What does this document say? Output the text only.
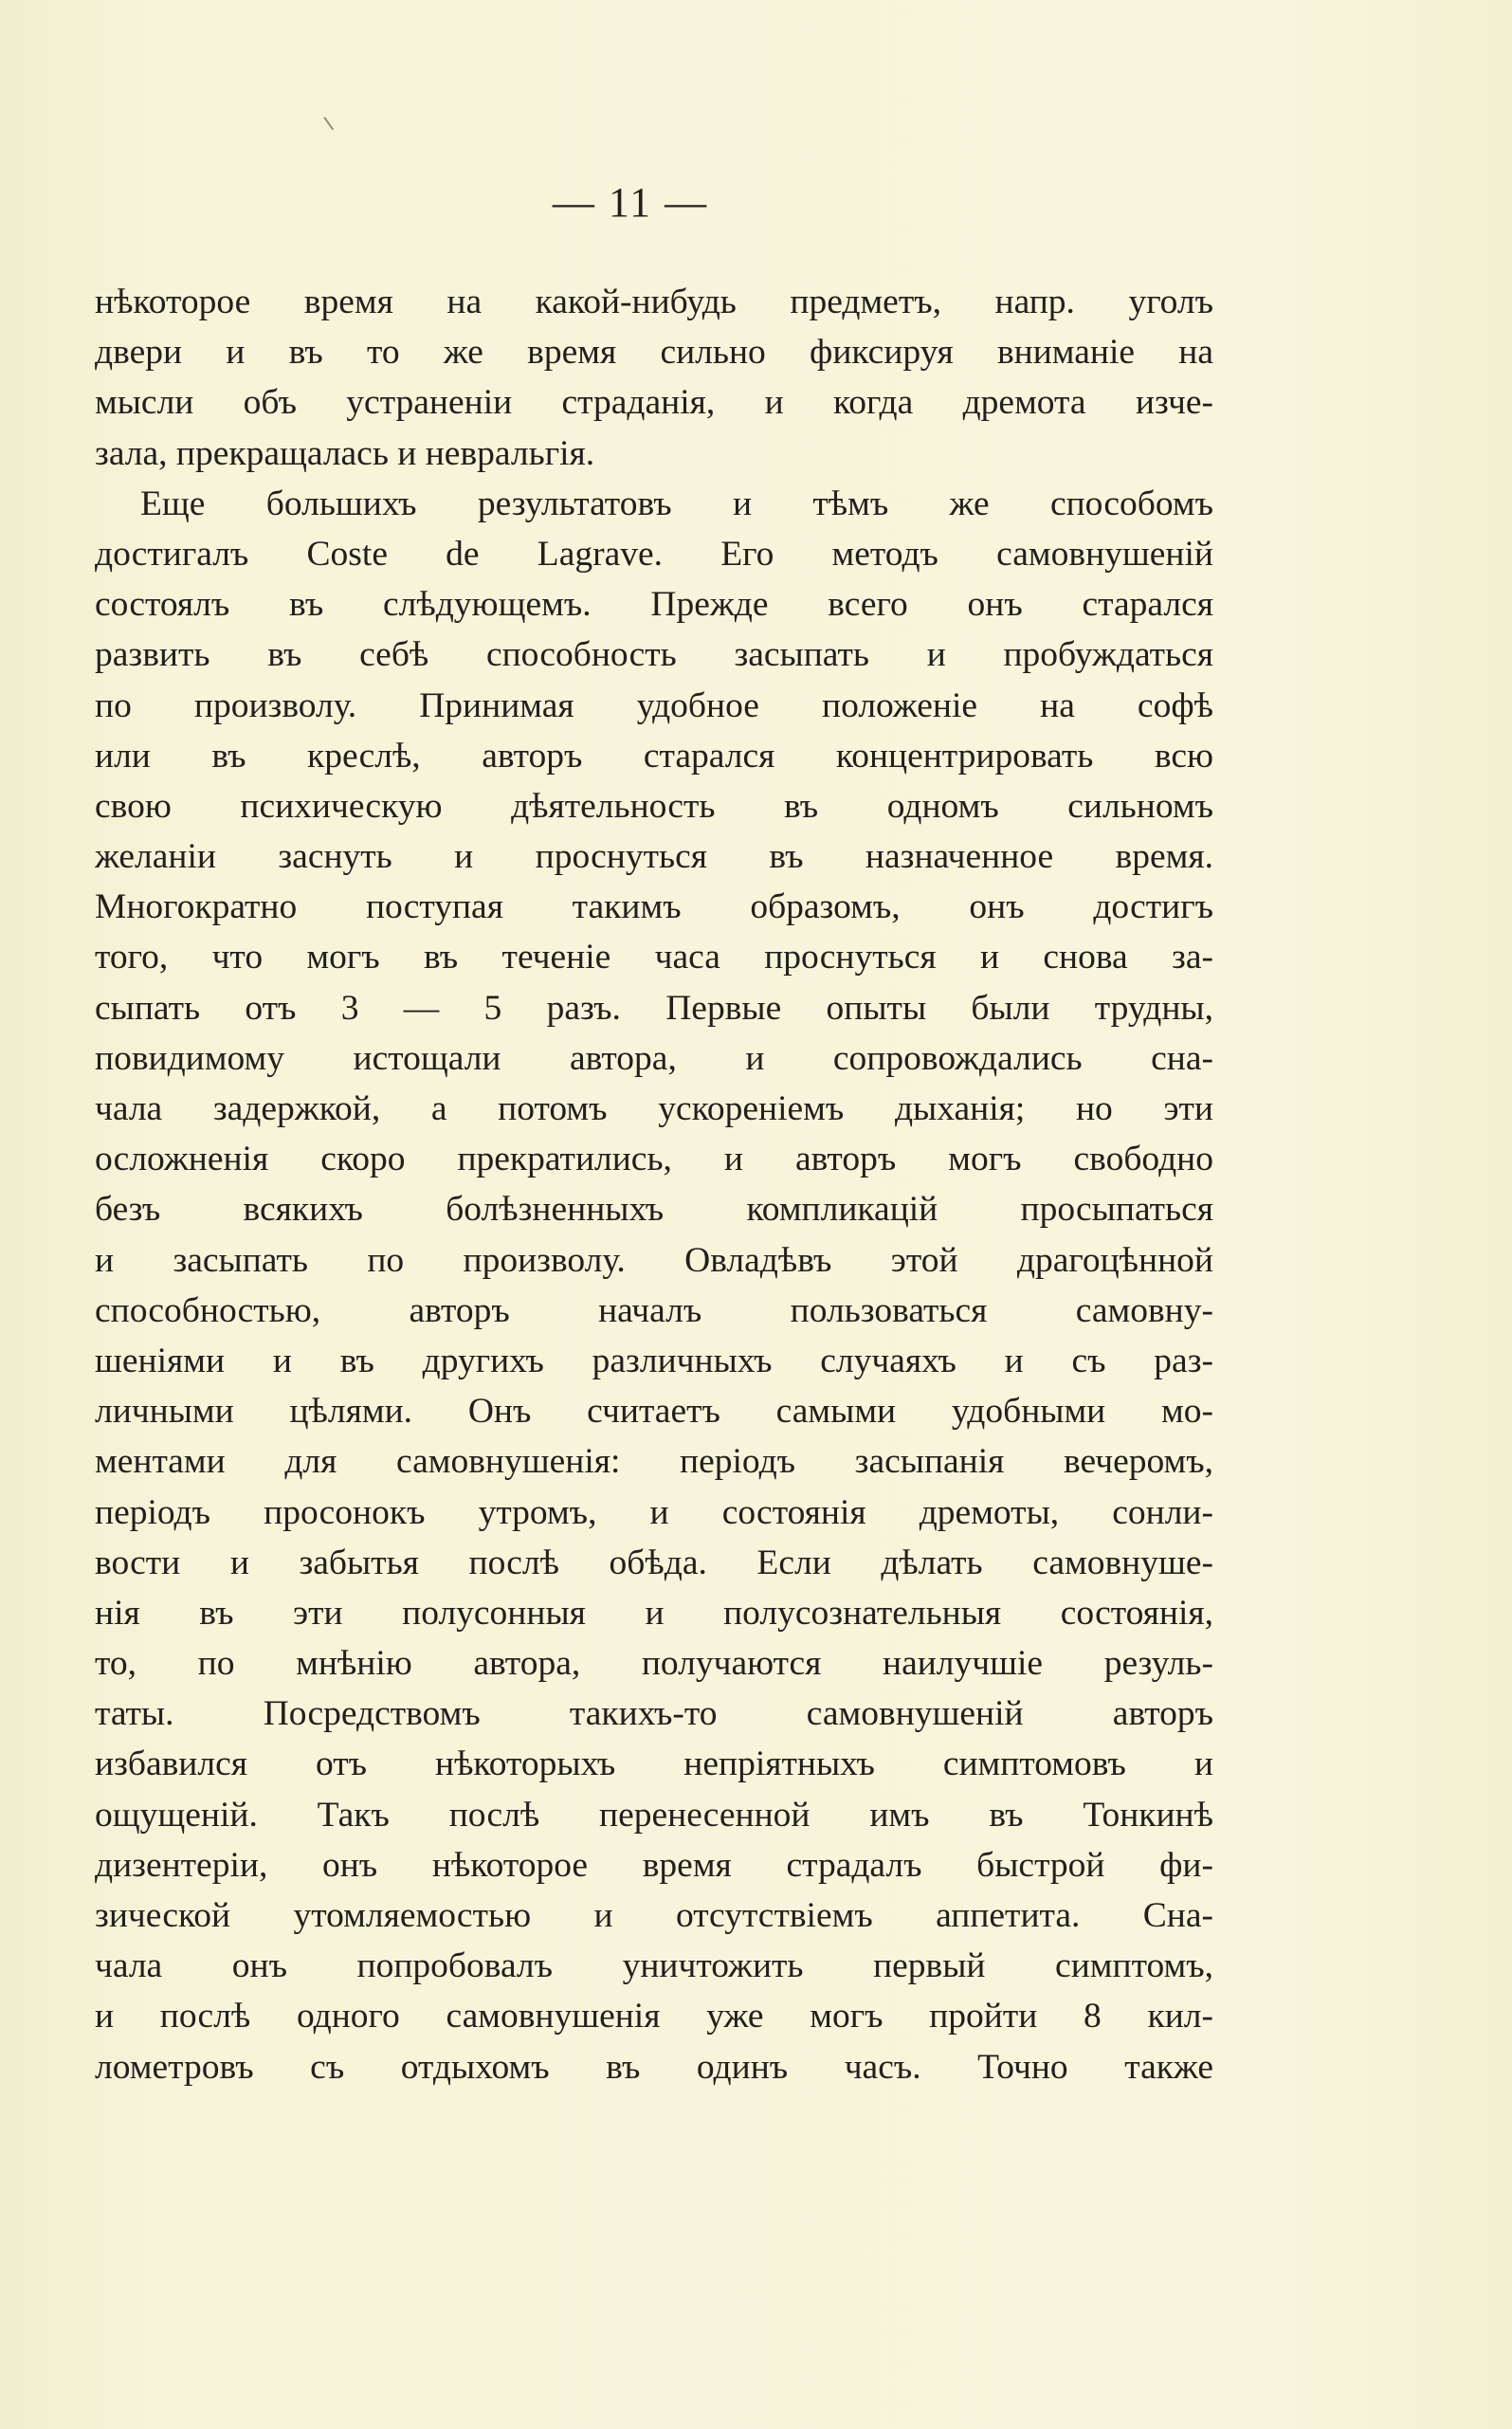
— 11 —
нѣкоторое время на какой-нибудь предметъ, напр. уголъ
двери и въ то же время сильно фиксируя вниманіе на
мысли объ устраненіи страданія, и когда дремота изче-
зала, прекращалась и невральгія.
Еще большихъ результатовъ и тѣмъ же способомъ
достигалъ Coste de Lagrave. Его методъ самовнушеній
состоялъ въ слѣдующемъ. Прежде всего онъ старался
развить въ себѣ способность засыпать и пробуждаться
по произволу. Принимая удобное положеніе на софѣ
или въ креслѣ, авторъ старался концентрировать всю
свою психическую дѣятельность въ одномъ сильномъ
желаніи заснуть и проснуться въ назначенное время.
Многократно поступая такимъ образомъ, онъ достигъ
того, что могъ въ теченіе часа проснуться и снова за-
сыпать отъ 3 — 5 разъ. Первые опыты были трудны,
повидимому истощали автора, и сопровождались сна-
чала задержкой, а потомъ ускореніемъ дыханія; но эти
осложненія скоро прекратились, и авторъ могъ свободно
безъ всякихъ болѣзненныхъ компликацій просыпаться
и засыпать по произволу. Овладѣвъ этой драгоцѣнной
способностью, авторъ началъ пользоваться самовну-
шеніями и въ другихъ различныхъ случаяхъ и съ раз-
личными цѣлями. Онъ считаетъ самыми удобными мо-
ментами для самовнушенія: періодъ засыпанія вечеромъ,
періодъ просонокъ утромъ, и состоянія дремоты, сонли-
вости и забытья послѣ обѣда. Если дѣлать самовнуше-
нія въ эти полусонныя и полусознательныя состоянія,
то, по мнѣнію автора, получаются наилучшіе резуль-
таты. Посредствомъ такихъ-то самовнушеній авторъ
избавился отъ нѣкоторыхъ непріятныхъ симптомовъ и
ощущеній. Такъ послѣ перенесенной имъ въ Тонкинѣ
дизентеріи, онъ нѣкоторое время страдалъ быстрой фи-
зической утомляемостью и отсутствіемъ аппетита. Сна-
чала онъ попробовалъ уничтожить первый симптомъ,
и послѣ одного самовнушенія уже могъ пройти 8 кил-
лометровъ съ отдыхомъ въ одинъ часъ. Точно также
